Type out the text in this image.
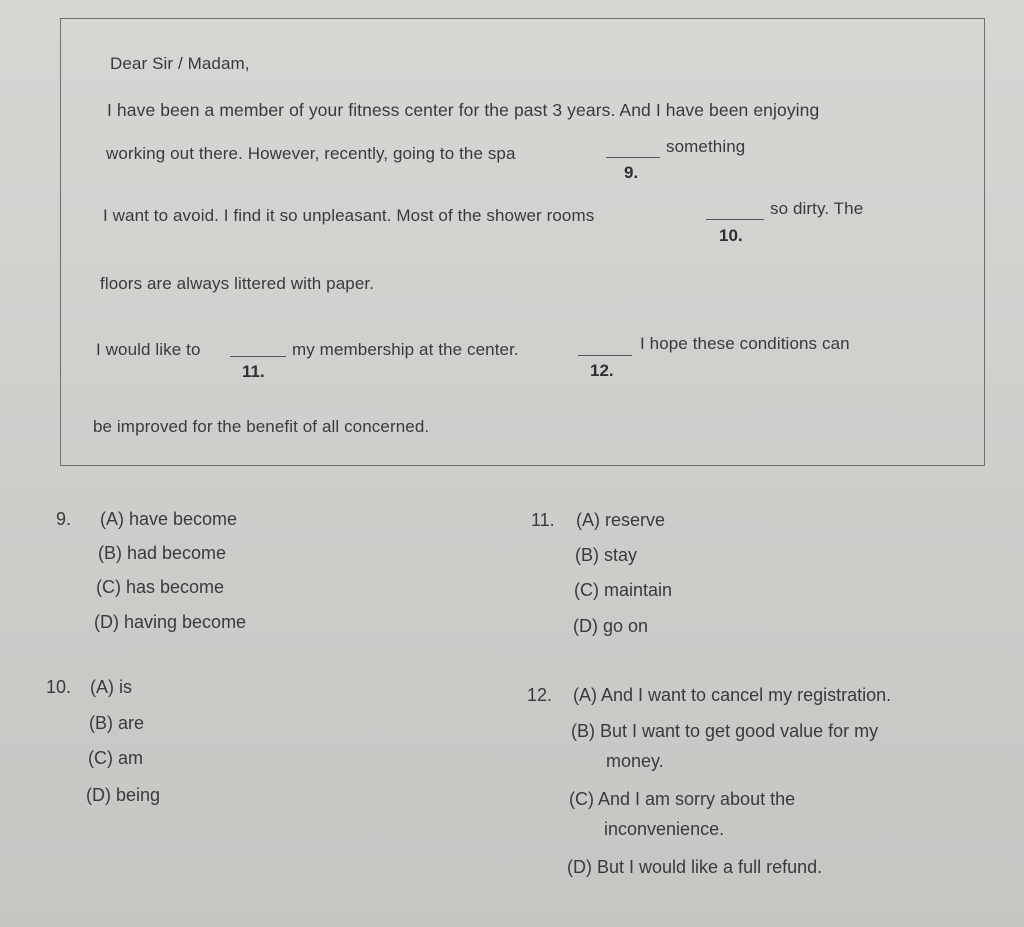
Dear Sir / Madam,
I have been a member of your fitness center for the past 3 years. And I have been enjoying
working out there. However, recently, going to the spa	something
9.
I want to avoid. I find it so unpleasant. Most of the shower rooms	so dirty. The
10.
floors are always littered with paper.
I would like to	my membership at the center.	I hope these conditions can
11.	12.
be improved for the benefit of all concerned.
9. (A) have become
(B) had become
(C) has become
(D) having become
10. (A) is
(B) are
(C) am
(D) being
11. (A) reserve
(B) stay
(C) maintain
(D) go on
12. (A) And I want to cancel my registration.
(B) But I want to get good value for my
money.
(C) And I am sorry about the
inconvenience.
(D) But I would like a full refund.
